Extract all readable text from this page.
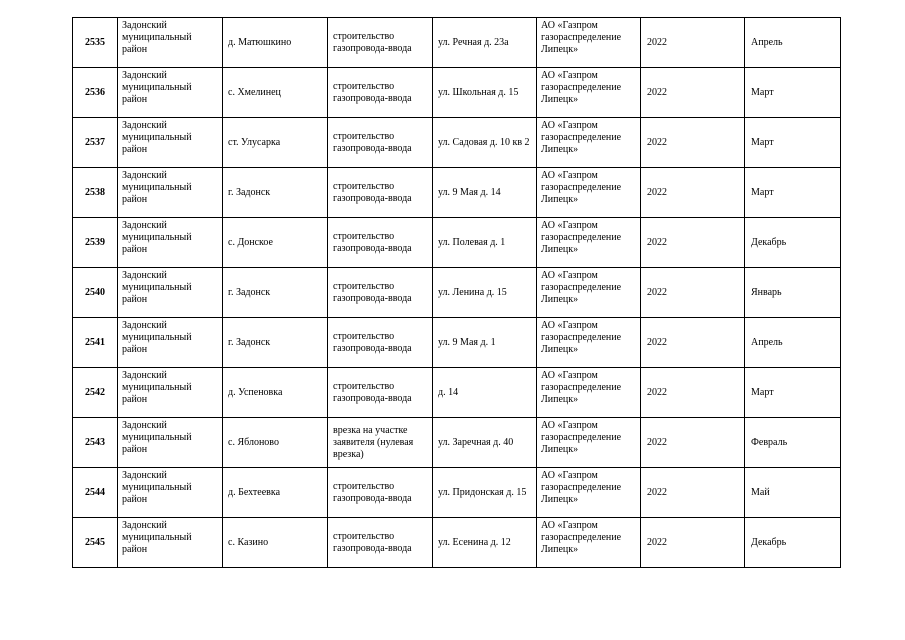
2535	Задонский муниципальный район	д. Матюшкино	строительство газопровода-ввода	ул. Речная д. 23а	АО «Газпром газораспределение Липецк»	2022	Апрель
2536	Задонский муниципальный район	с. Хмелинец	строительство газопровода-ввода	ул. Школьная д. 15	АО «Газпром газораспределение Липецк»	2022	Март
2537	Задонский муниципальный район	ст. Улусарка	строительство газопровода-ввода	ул. Садовая д. 10 кв 2	АО «Газпром газораспределение Липецк»	2022	Март
2538	Задонский муниципальный район	г. Задонск	строительство газопровода-ввода	ул. 9 Мая д. 14	АО «Газпром газораспределение Липецк»	2022	Март
2539	Задонский муниципальный район	с. Донское	строительство газопровода-ввода	ул. Полевая д. 1	АО «Газпром газораспределение Липецк»	2022	Декабрь
2540	Задонский муниципальный район	г. Задонск	строительство газопровода-ввода	ул. Ленина д. 15	АО «Газпром газораспределение Липецк»	2022	Январь
2541	Задонский муниципальный район	г. Задонск	строительство газопровода-ввода	ул. 9 Мая д. 1	АО «Газпром газораспределение Липецк»	2022	Апрель
2542	Задонский муниципальный район	д. Успеновка	строительство газопровода-ввода	д. 14	АО «Газпром газораспределение Липецк»	2022	Март
2543	Задонский муниципальный район	с. Яблоново	врезка на участке заявителя (нулевая врезка)	ул. Заречная д. 40	АО «Газпром газораспределение Липецк»	2022	Февраль
2544	Задонский муниципальный район	д. Бехтеевка	строительство газопровода-ввода	ул. Придонская д. 15	АО «Газпром газораспределение Липецк»	2022	Май
2545	Задонский муниципальный район	с. Казино	строительство газопровода-ввода	ул. Есенина д. 12	АО «Газпром газораспределение Липецк»	2022	Декабрь
